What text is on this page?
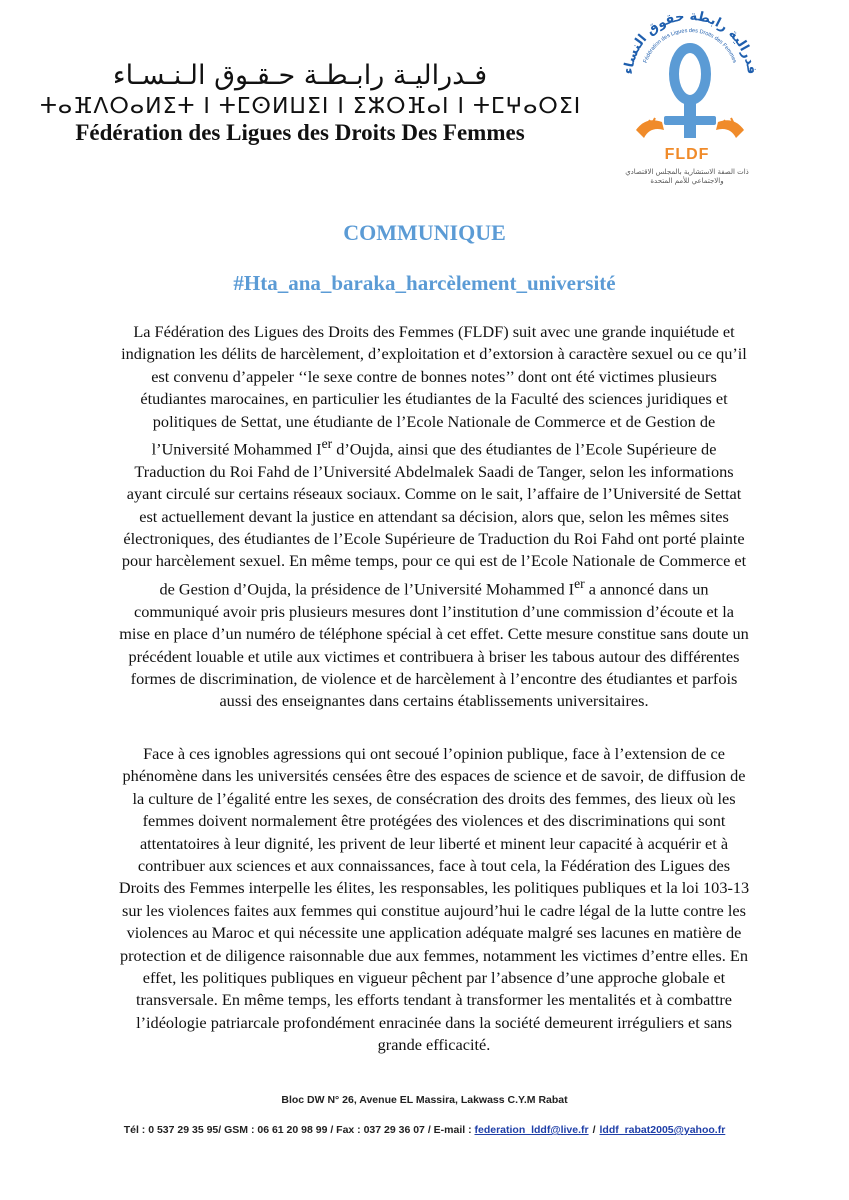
فـدراليـة رابـطـة حـقـوق الـنـسـاء
ⵜⴰⴼⴷⵔⴰⵍⵉⵜ ⵏ ⵜⵎⵙⵍⵡⵉⵏ ⵏ ⵉⵣⵔⴼⴰⵏ ⵏ ⵜⵎⵖⴰⵔⵉⵏ
Fédération des Ligues des Droits Des Femmes
فدرالية رابطة حقوق النساء
Fédération des Ligues des Droits des Femmes
FLDF
ذات الصفة الاستشارية بالمجلس الاقتصادي
والاجتماعي للأمم المتحدة
COMMUNIQUE
#Hta_ana_baraka_harcèlement_université

La Fédération des Ligues des Droits des Femmes (FLDF) suit avec une grande inquiétude et indignation les délits de harcèlement, d’exploitation et d’extorsion à caractère sexuel ou ce qu’il est convenu d’appeler ‘‘le sexe contre de bonnes notes’’ dont ont été victimes plusieurs étudiantes marocaines, en particulier les étudiantes de la Faculté des sciences juridiques et politiques de Settat, une étudiante de l’Ecole Nationale de Commerce et de Gestion de l’Université Mohammed Ier d’Oujda, ainsi que des étudiantes de l’Ecole Supérieure de Traduction du Roi Fahd de l’Université Abdelmalek Saadi de Tanger, selon les informations ayant circulé sur certains réseaux sociaux. Comme on le sait, l’affaire de l’Université de Settat est actuellement devant la justice en attendant sa décision, alors que, selon les mêmes sites électroniques, des étudiantes de l’Ecole Supérieure de Traduction du Roi Fahd ont porté plainte pour harcèlement sexuel. En même temps, pour ce qui est de l’Ecole Nationale de Commerce et de Gestion d’Oujda, la présidence de l’Université Mohammed Ier a annoncé dans un communiqué avoir pris plusieurs mesures dont l’institution d’une commission d’écoute et la mise en place d’un numéro de téléphone spécial à cet effet. Cette mesure constitue sans doute un précédent louable et utile aux victimes et contribuera à briser les tabous autour des différentes formes de discrimination, de violence et de harcèlement à l’encontre des étudiantes et parfois aussi des enseignantes dans certains établissements universitaires.

Face à ces ignobles agressions qui ont secoué l’opinion publique, face à l’extension de ce phénomène dans les universités censées être des espaces de science et de savoir, de diffusion de la culture de l’égalité entre les sexes, de consécration des droits des femmes, des lieux où les femmes doivent normalement être protégées des violences et des discriminations qui sont attentatoires à leur dignité, les privent de leur liberté et minent leur capacité à acquérir et à contribuer aux sciences et aux connaissances, face à tout cela, la Fédération des Ligues des Droits des Femmes interpelle les élites, les responsables, les politiques publiques et la loi 103-13 sur les violences faites aux femmes qui constitue aujourd’hui le cadre légal de la lutte contre les violences au Maroc et qui nécessite une application adéquate malgré ses lacunes en matière de protection et de diligence raisonnable due aux femmes, notamment les victimes d’entre elles. En effet, les politiques publiques en vigueur pêchent par l’absence d’une approche globale et transversale. En même temps, les efforts tendant à transformer les mentalités et à combattre l’idéologie patriarcale profondément enracinée dans la société demeurent irréguliers et sans grande efficacité.

Bloc DW N° 26, Avenue EL Massira, Lakwass C.Y.M Rabat
Tél : 0 537 29 35 95/ GSM : 06 61 20 98 99 / Fax : 037 29 36 07 / E-mail : federation_lddf@live.fr / lddf_rabat2005@yahoo.fr
